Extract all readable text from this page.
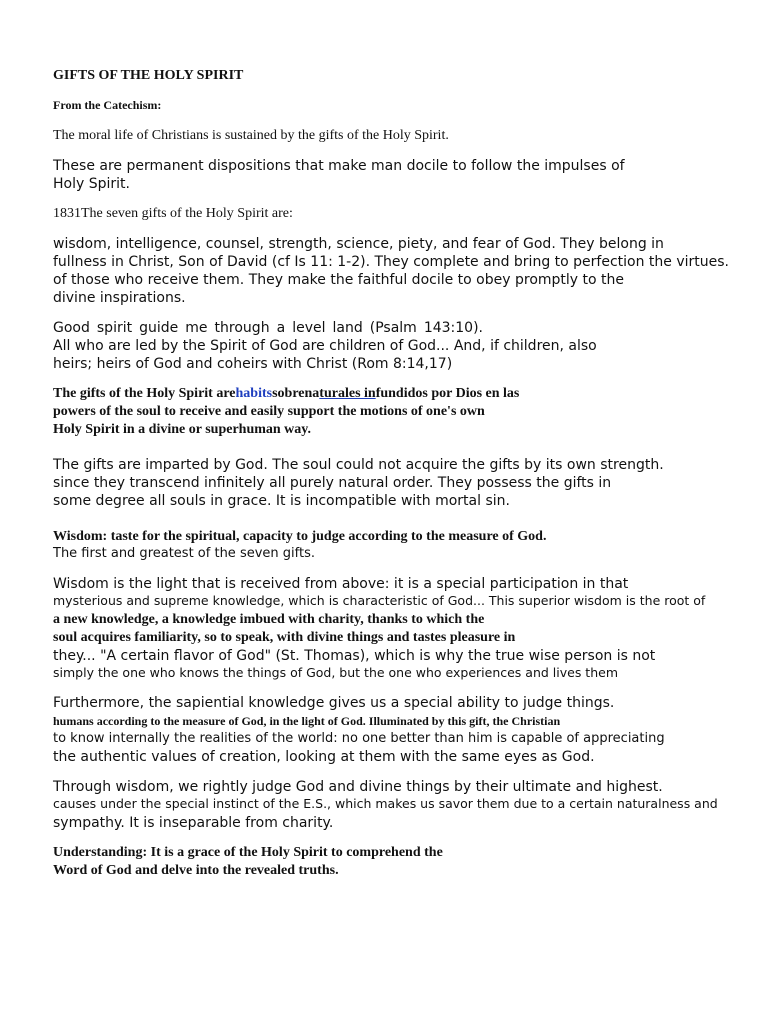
GIFTS OF THE HOLY SPIRIT
From the Catechism:
The moral life of Christians is sustained by the gifts of the Holy Spirit.
These are permanent dispositions that make man docile to follow the impulses of
Holy Spirit.
1831The seven gifts of the Holy Spirit are:
wisdom, intelligence, counsel, strength, science, piety, and fear of God. They belong in
fullness in Christ, Son of David (cf Is 11: 1-2). They complete and bring to perfection the virtues.
of those who receive them. They make the faithful docile to obey promptly to the
divine inspirations.
Good spirit guide me through a level land (Psalm 143:10).
All who are led by the Spirit of God are children of God... And, if children, also
heirs; heirs of God and coheirs with Christ (Rom 8:14,17)
The gifts of the Holy Spirit arehabitssobrenaturales infundidos por Dios en las
powers of the soul to receive and easily support the motions of one's own
Holy Spirit in a divine or superhuman way.
The gifts are imparted by God. The soul could not acquire the gifts by its own strength.
since they transcend infinitely all purely natural order. They possess the gifts in
some degree all souls in grace. It is incompatible with mortal sin.
Wisdom: taste for the spiritual, capacity to judge according to the measure of God.
The first and greatest of the seven gifts.
Wisdom is the light that is received from above: it is a special participation in that
mysterious and supreme knowledge, which is characteristic of God... This superior wisdom is the root of
a new knowledge, a knowledge imbued with charity, thanks to which the
soul acquires familiarity, so to speak, with divine things and tastes pleasure in
they... "A certain flavor of God" (St. Thomas), which is why the true wise person is not
simply the one who knows the things of God, but the one who experiences and lives them
Furthermore, the sapiential knowledge gives us a special ability to judge things.
humans according to the measure of God, in the light of God. Illuminated by this gift, the Christian
to know internally the realities of the world: no one better than him is capable of appreciating
the authentic values of creation, looking at them with the same eyes as God.
Through wisdom, we rightly judge God and divine things by their ultimate and highest.
causes under the special instinct of the E.S., which makes us savor them due to a certain naturalness and
sympathy. It is inseparable from charity.
Understanding: It is a grace of the Holy Spirit to comprehend the
Word of God and delve into the revealed truths.
